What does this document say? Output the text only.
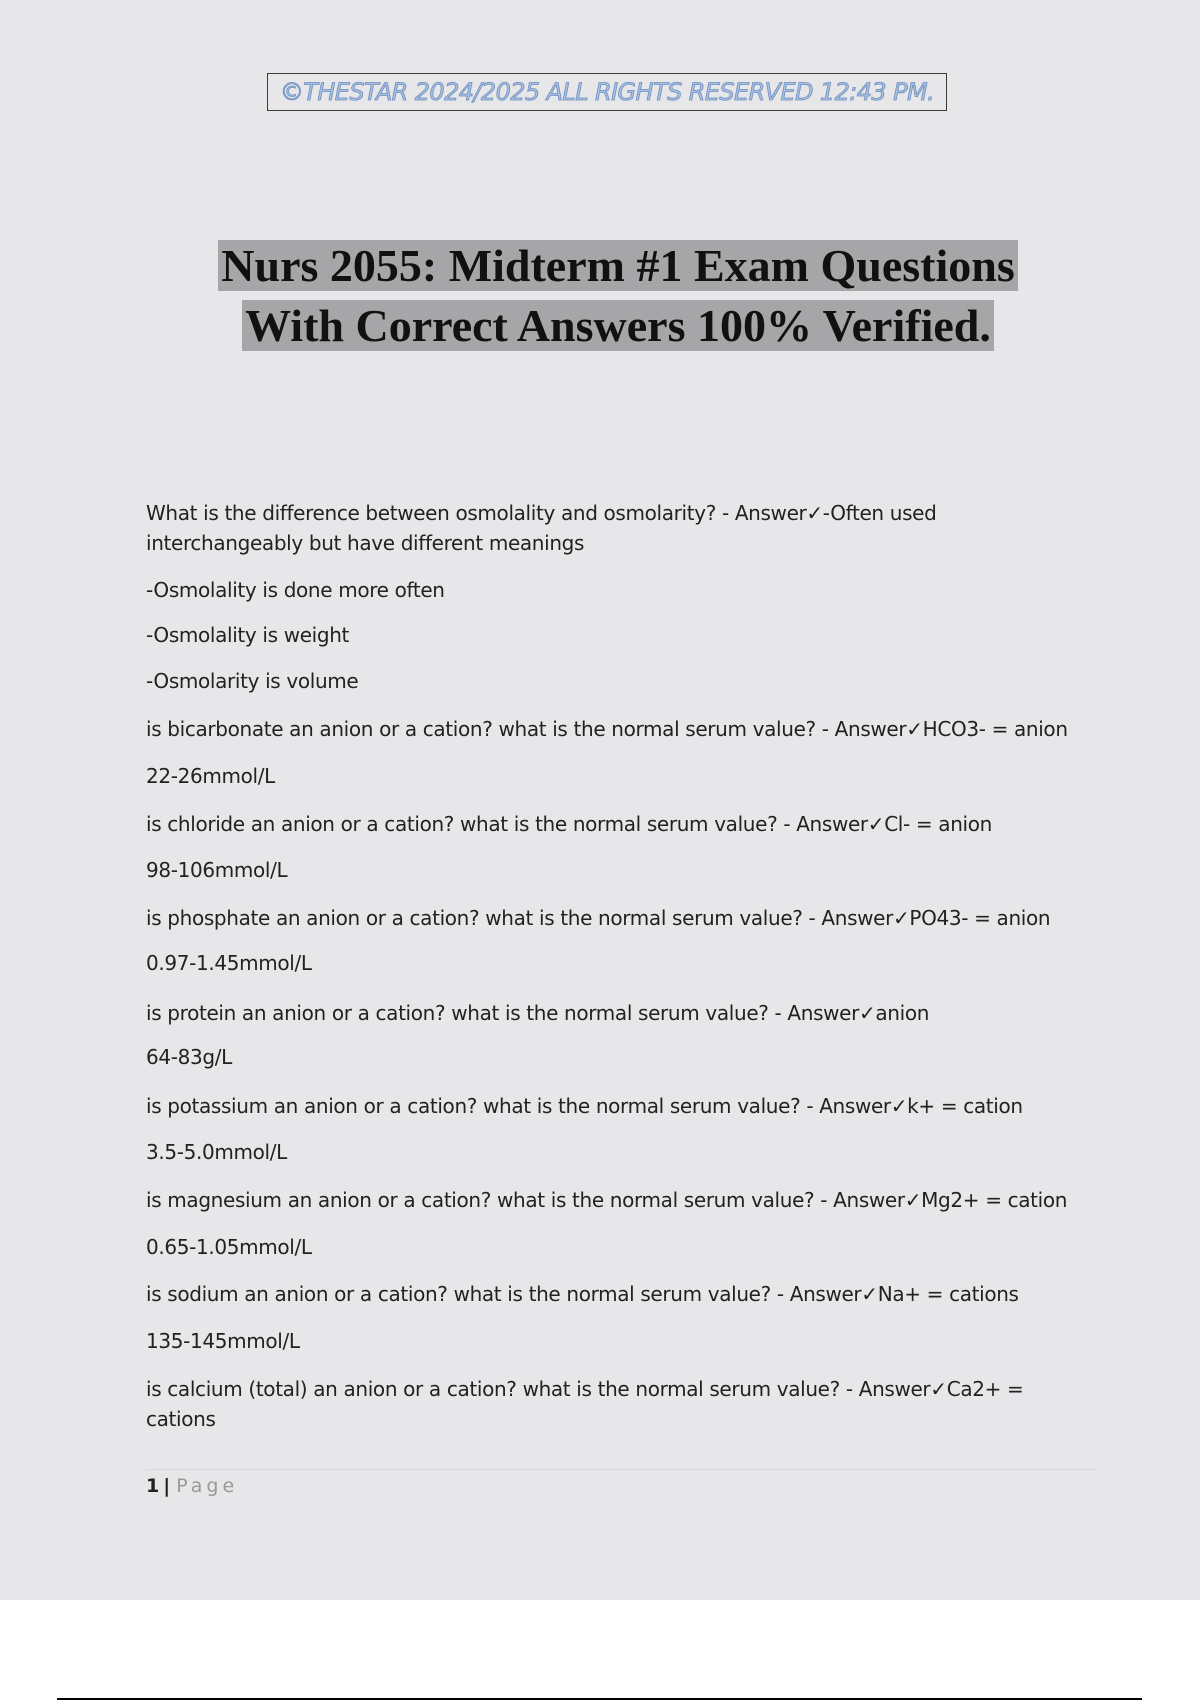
©THESTAR 2024/2025 ALL RIGHTS RESERVED 12:43 PM.
Nurs 2055: Midterm #1 Exam Questions
With Correct Answers 100% Verified.
What is the difference between osmolality and osmolarity? - Answer✓-Often used interchangeably but have different meanings
-Osmolality is done more often
-Osmolality is weight
-Osmolarity is volume
is bicarbonate an anion or a cation? what is the normal serum value? - Answer✓HCO3- = anion
22-26mmol/L
is chloride an anion or a cation? what is the normal serum value? - Answer✓Cl- = anion
98-106mmol/L
is phosphate an anion or a cation? what is the normal serum value? - Answer✓PO43- = anion
0.97-1.45mmol/L
is protein an anion or a cation? what is the normal serum value? - Answer✓anion
64-83g/L
is potassium an anion or a cation? what is the normal serum value? - Answer✓k+ = cation
3.5-5.0mmol/L
is magnesium an anion or a cation? what is the normal serum value? - Answer✓Mg2+ = cation
0.65-1.05mmol/L
is sodium an anion or a cation? what is the normal serum value? - Answer✓Na+ = cations
135-145mmol/L
is calcium (total) an anion or a cation? what is the normal serum value? - Answer✓Ca2+ = cations
1 | Page
